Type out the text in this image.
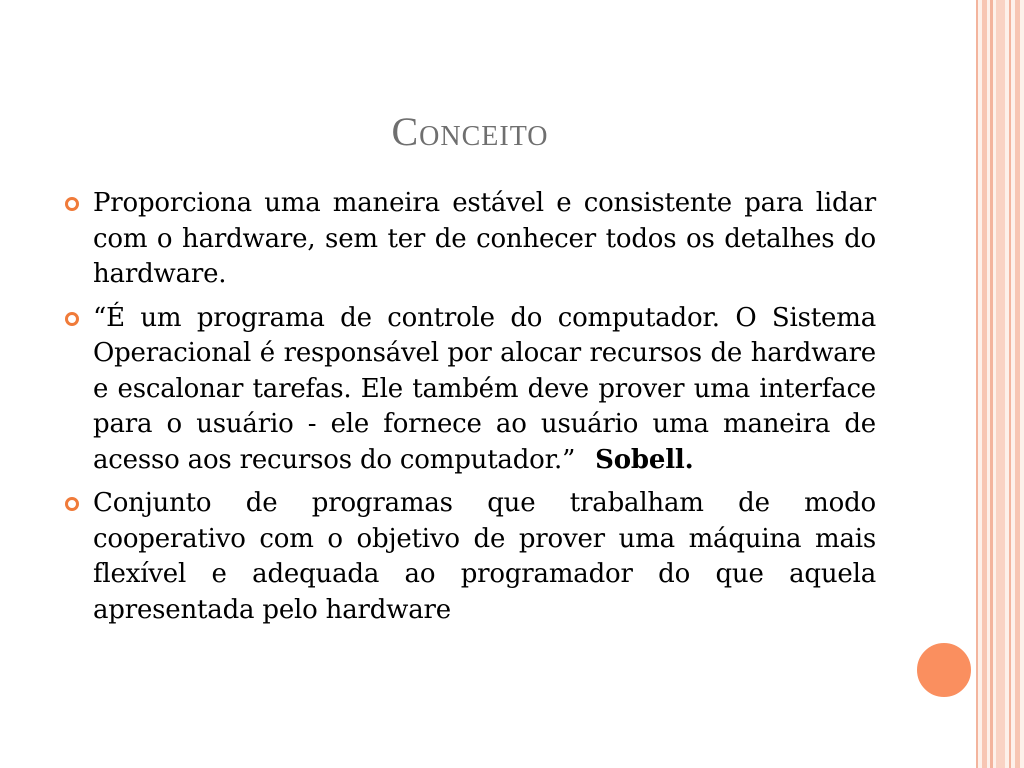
Conceito

Proporciona uma maneira estável e consistente para lidar com o hardware, sem ter de conhecer todos os detalhes do hardware.

“É um programa de controle do computador. O Sistema Operacional é responsável por alocar recursos de hardware e escalonar tarefas. Ele também deve prover uma interface para o usuário - ele fornece ao usuário uma maneira de acesso aos recursos do computador.” Sobell.

Conjunto de programas que trabalham de modo cooperativo com o objetivo de prover uma máquina mais flexível e adequada ao programador do que aquela apresentada pelo hardware
